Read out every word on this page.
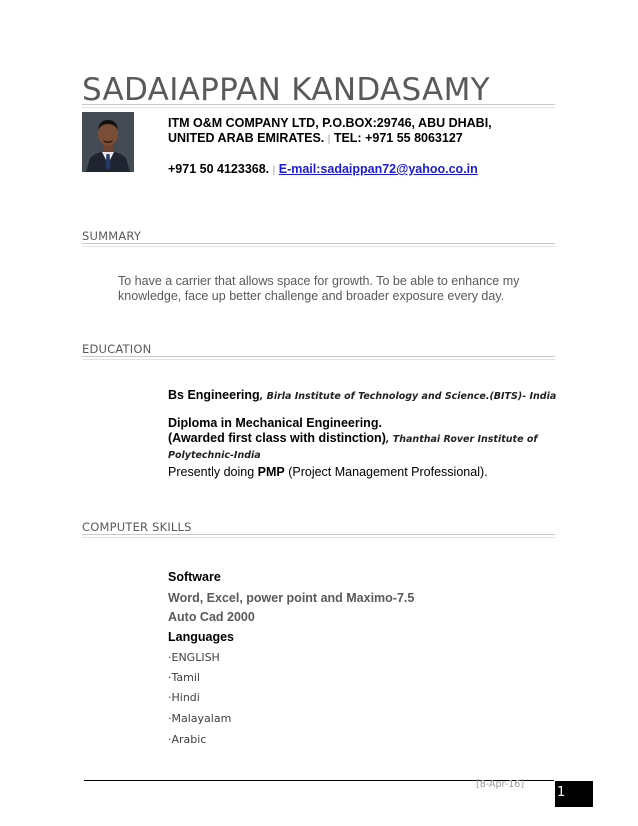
SADAIAPPAN KANDASAMY
ITM O&M COMPANY LTD, P.O.BOX:29746, ABU DHABI,
UNITED ARAB EMIRATES. | TEL: +971 55 8063127
+971 50 4123368. | E-mail:sadaippan72@yahoo.co.in
SUMMARY
To have a carrier that allows space for growth. To be able to enhance my knowledge, face up better challenge and broader exposure every day.
EDUCATION
Bs Engineering, Birla Institute of Technology and Science.(BITS)- India
Diploma in Mechanical Engineering.
(Awarded first class with distinction), Thanthai Rover Institute of
Polytechnic-India
Presently doing PMP (Project Management Professional).
COMPUTER SKILLS
Software
Word, Excel, power point and Maximo-7.5
Auto Cad 2000
Languages
·ENGLISH
·Tamil
·Hindi
·Malayalam
·Arabic
[8-Apr-16]
1
